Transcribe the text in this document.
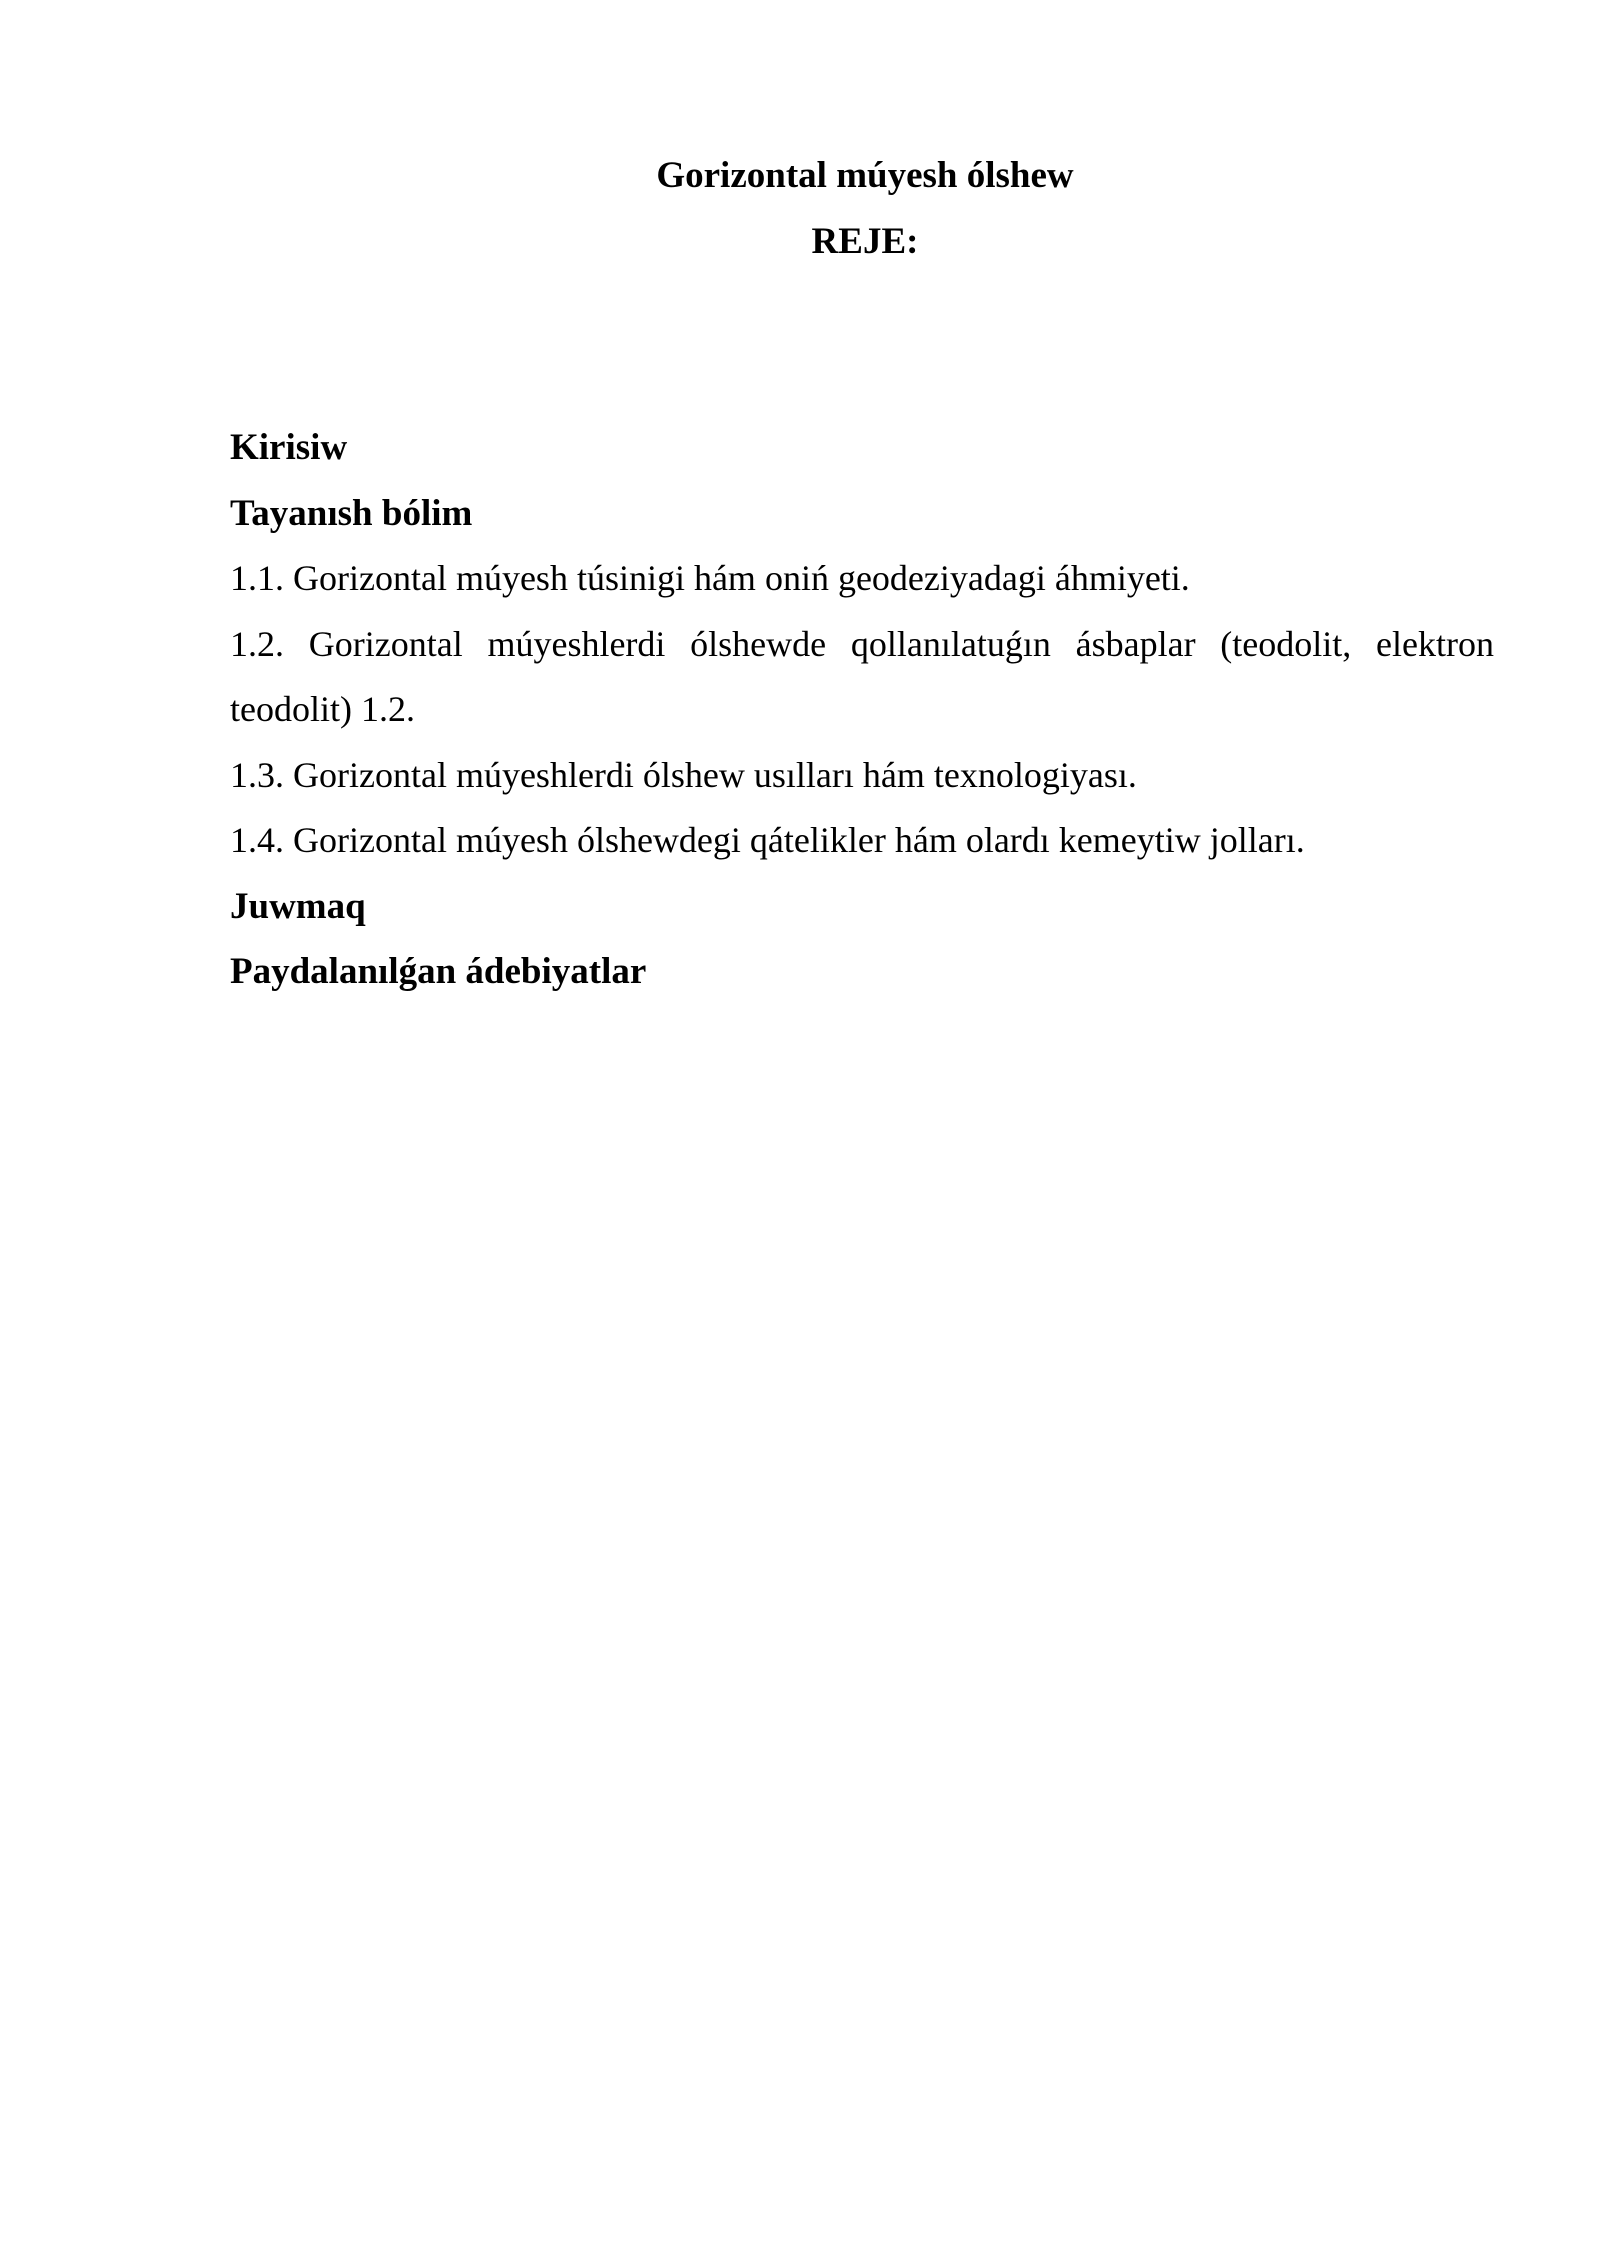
Gorizontal múyesh ólshew
REJE:

Kirisiw

Tayanısh bólim

1.1. Gorizontal múyesh túsinigi hám oniń geodeziyadagi áhmiyeti.

1.2. Gorizontal múyeshlerdi ólshewde qollanılatuǵın ásbaplar (teodolit, elektron teodolit) 1.2.

1.3. Gorizontal múyeshlerdi ólshew usılları hám texnologiyası.

1.4. Gorizontal múyesh ólshewdegi qátelikler hám olardı kemeytiw jolları.

Juwmaq

Paydalanılǵan ádebiyatlar
